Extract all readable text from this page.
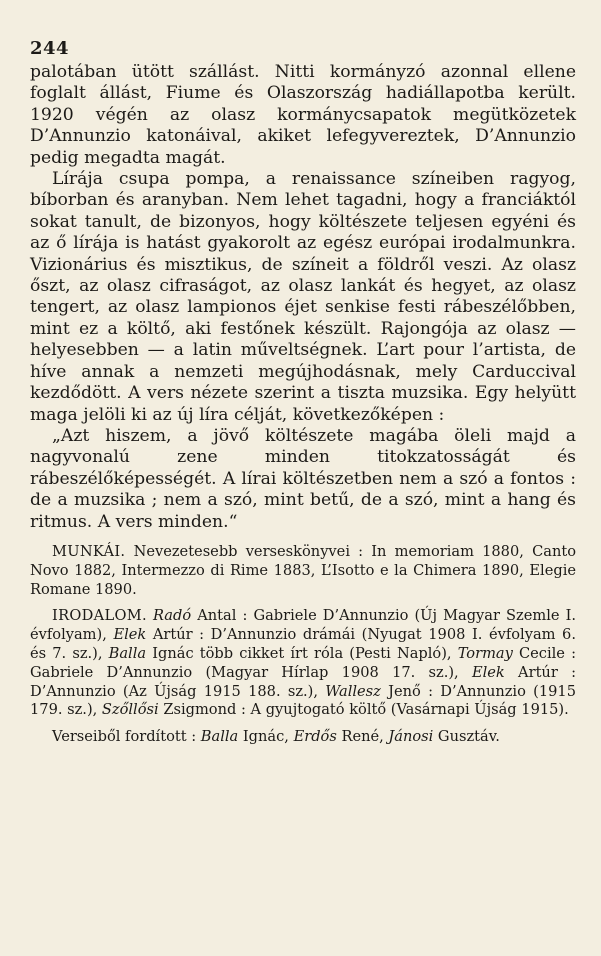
244

palotában ütött szállást. Nitti kormányzó azonnal ellene foglalt állást, Fiume és Olaszország hadiállapotba került. 1920 végén az olasz kormánycsapatok megütközetek D’Annunzio katonáival, akiket lefegyvereztek, D’Annunzio pedig megadta magát.

Lírája csupa pompa, a renaissance színeiben ragyog, bíborban és aranyban. Nem lehet tagadni, hogy a franciáktól sokat tanult, de bizonyos, hogy költészete teljesen egyéni és az ő lírája is hatást gyakorolt az egész európai irodalmunkra. Vizionárius és misztikus, de színeit a földről veszi. Az olasz őszt, az olasz cifraságot, az olasz lankát és hegyet, az olasz tengert, az olasz lampionos éjet senkise festi rábeszélőbben, mint ez a költő, aki festőnek készült. Rajongója az olasz — helyesebben — a latin műveltségnek. L’art pour l’artista, de híve annak a nemzeti megújhodásnak, mely Carduccival kezdődött. A vers nézete szerint a tiszta muzsika. Egy helyütt maga jelöli ki az új líra célját, következőképen :

„Azt hiszem, a jövő költészete magába öleli majd a nagyvonalú zene minden titokzatosságát és rábeszélőképességét. A lírai költészetben nem a szó a fontos : de a muzsika ; nem a szó, mint betű, de a szó, mint a hang és ritmus. A vers minden.“

MUNKÁI. Nevezetesebb verseskönyvei : In memoriam 1880, Canto Novo 1882, Intermezzo di Rime 1883, L’Isotto e la Chimera 1890, Elegie Romane 1890.

IRODALOM. Radó Antal : Gabriele D’Annunzio (Új Magyar Szemle I. évfolyam), Elek Artúr : D’Annunzio drámái (Nyugat 1908 I. évfolyam 6. és 7. sz.), Balla Ignác több cikket írt róla (Pesti Napló), Tormay Cecile : Gabriele D’Annunzio (Magyar Hírlap 1908 17. sz.), Elek Artúr : D’Annunzio (Az Újság 1915 188. sz.), Wallesz Jenő : D’Annunzio (1915 179. sz.), Szőllősi Zsigmond : A gyujtogató költő (Vasárnapi Újság 1915).

Verseiből fordított : Balla Ignác, Erdős René, Jánosi Gusztáv.
